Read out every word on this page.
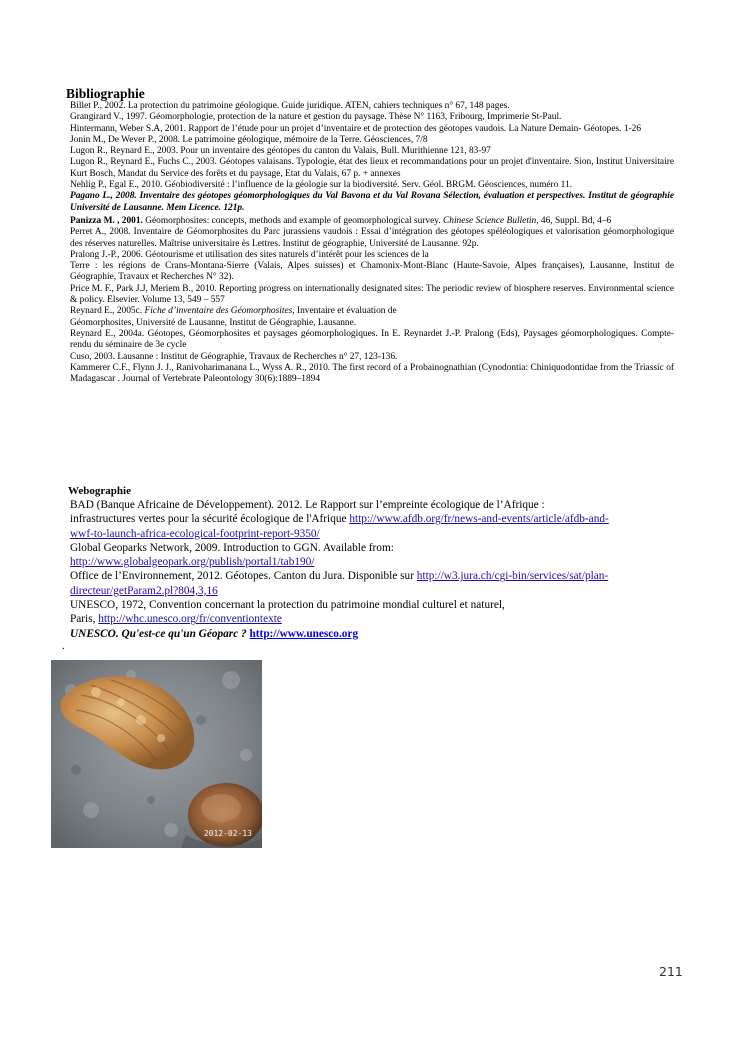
Bibliographie
Billet P., 2002. La protection du patrimoine géologique. Guide juridique. ATEN, cahiers techniques n° 67, 148 pages.
Grangirard V., 1997. Géomorphologie, protection de la nature et gestion du paysage. Thèse N° 1163, Fribourg, Imprimerie St-Paul.
Hintermann, Weber S.A, 2001. Rapport de l’étude pour un projet d’inventaire et de protection des géotopes vaudois. La Nature Demain- Géotopes. 1-26
Jonin M., De Wever P., 2008. Le patrimoine géologique, mémoire de la Terre. Géosciences, 7/8
Lugon R., Reynard E., 2003. Pour un inventaire des géotopes du canton du Valais, Bull. Murithienne 121, 83-97
Lugon R., Reynard E., Fuchs C., 2003. Géotopes valaisans. Typologie, état des lieux et recommandations pour un projet d'inventaire. Sion, Institut Universitaire Kurt Bosch, Mandat du Service des forêts et du paysage, Etat du Valais, 67 p. + annexes
Nehlig P., Egal E., 2010. Géobiodiversité : l’influence de la géologie sur la biodiversité. Serv. Géol. BRGM. Géosciences, numéro 11.
Pagano L., 2008. Inventaire des géotopes géomorphologiques du Val Bavona et du Val Rovana Sélection, évaluation et perspectives. Institut de géographie Université de Lausanne. Mem Licence. 121p.
Panizza M. , 2001. Géomorphosites: concepts, methods and example of geomorphological survey. Chinese Science Bulletin, 46, Suppl. Bd, 4–6
Perret A., 2008. Inventaire de Géomorphosites du Parc jurassiens vaudois : Essai d’intégration des géotopes spéléologiques et valorisation géomorphologique des réserves naturelles. Maîtrise universitaire ès Lettres. Institut de géographie, Université de Lausanne. 92p.
Pralong J.-P., 2006. Géotourisme et utilisation des sites naturels d’intérêt pour les sciences de la
Terre : les régions de Crans-Montana-Sierre (Valais, Alpes suisses) et Chamonix-Mont-Blanc (Haute-Savoie, Alpes françaises), Lausanne, Institut de Géographie, Travaux et Recherches N° 32).
Price M. F., Park J.J, Meriem B., 2010. Reporting progress on internationally designated sites: The periodic review of biosphere reserves. Environmental science & policy. Elsevier. Volume 13, 549 – 557
Reynard E., 2005c. Fiche d’inventaire des Géomorphosites, Inventaire et évaluation de
Géomorphosites, Université de Lausanne, Institut de Géographie, Lausanne.
Reynard E., 2004a. Géotopes, Géomorphosites et paysages géomorphologiques. In E. Reynardet J.-P. Pralong (Eds), Paysages géomorphologiques. Compte-rendu du séminaire de 3e cycle
Cuso, 2003. Lausanne : Institut de Géographie, Travaux de Recherches n° 27, 123-136.
Kammerer C.F., Flynn J. J., Ranivoharimanana L., Wyss A. R., 2010. The first record of a Probainognathian (Cynodontia: Chiniquodontidae from the Triassic of Madagascar . Journal of Vertebrate Paleontology 30(6):1889–1894
Webographie
BAD (Banque Africaine de Développement). 2012. Le Rapport sur l’empreinte écologique de l’Afrique : infrastructures vertes pour la sécurité écologique de l'Afrique http://www.afdb.org/fr/news-and-events/article/afdb-and-wwf-to-launch-africa-ecological-footprint-report-9350/
Global Geoparks Network, 2009. Introduction to GGN. Available from:
http://www.globalgeopark.org/publish/portal1/tab190/
Office de l’Environnement, 2012. Géotopes. Canton du Jura. Disponible sur http://w3.jura.ch/cgi-bin/services/sat/plan-directeur/getParam2.pl?804,3,16
UNESCO, 1972, Convention concernant la protection du patrimoine mondial culturel et naturel,
Paris, http://whc.unesco.org/fr/conventiontexte
UNESCO. Qu'est-ce qu'un Géoparc ? http://www.unesco.org
.
2012-02-13
211
